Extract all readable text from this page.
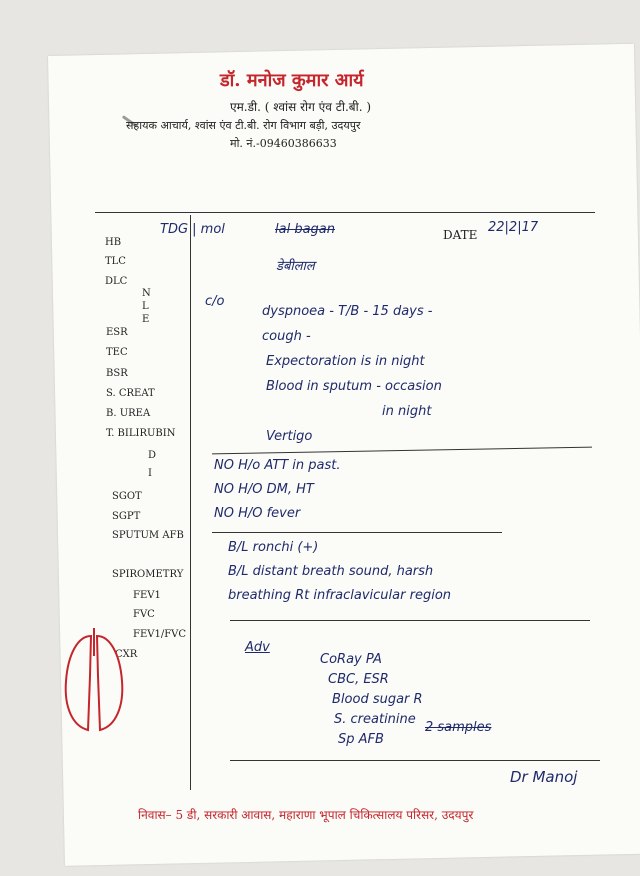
डॉ. मनोज कुमार आर्य
एम.डी. ( श्वांस रोग एंव टी.बी. )
सहायक आचार्य, श्वांस एंव टी.बी. रोग विभाग बड़ी, उदयपुर
मो. नं.-09460386633
DATE 22|2|17
HB
TLC
DLC
N
L
E
ESR
TEC
BSR
S. CREAT
B. UREA
T. BILIRUBIN
D
I
SGOT
SGPT
SPUTUM AFB
SPIROMETRY
FEV1
FVC
FEV1/FVC
CXR
TDG | mol	lal bagan
डेबीलाल
c/o
dyspnoea - T/B - 15 days -
cough -
Expectoration is in night
Blood in sputum - occasion
in night
Vertigo
NO H/o ATT in past.
NO H/O DM, HT
NO H/O fever
B/L ronchi (+)
B/L distant breath sound, harsh
breathing Rt infraclavicular region
Adv
CoRay PA
CBC, ESR
Blood sugar R
S. creatinine
Sp AFB
2 samples
Dr Manoj
निवास– 5 डी, सरकारी आवास, महाराणा भूपाल चिकित्सालय परिसर, उदयपुर
